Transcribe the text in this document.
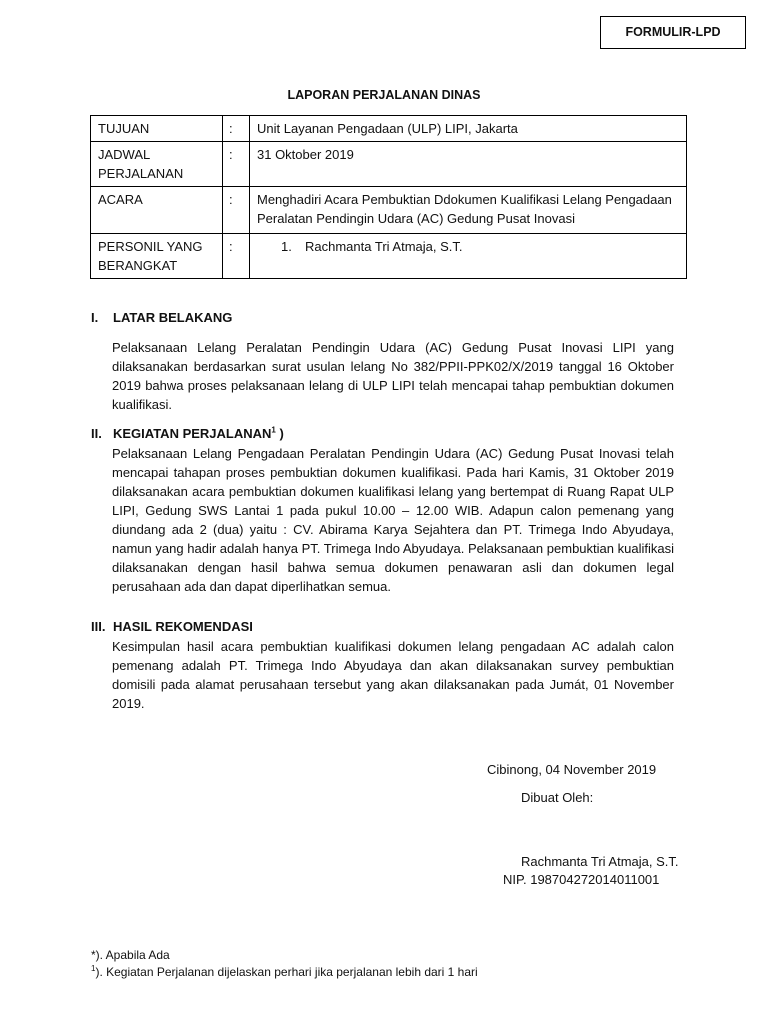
FORMULIR-LPD
LAPORAN PERJALANAN DINAS
TUJUAN	:	Unit Layanan Pengadaan (ULP) LIPI, Jakarta

JADWAL
PERJALANAN	:	31 Oktober 2019
ACARA	:	Menghadiri Acara Pembuktian Ddokumen Kualifikasi Lelang Pengadaan Peralatan Pendingin Udara (AC) Gedung Pusat Inovasi

PERSONIL YANG
BERANGKAT	:	1. Rachmanta Tri Atmaja, S.T.
I. LATAR BELAKANG
Pelaksanaan Lelang Peralatan Pendingin Udara (AC) Gedung Pusat Inovasi LIPI yang dilaksanakan berdasarkan surat usulan lelang No 382/PPII-PPK02/X/2019 tanggal 16 Oktober 2019 bahwa proses pelaksanaan lelang di ULP LIPI telah mencapai tahap pembuktian dokumen kualifikasi.
II. KEGIATAN PERJALANAN$^1$ )
Pelaksanaan Lelang Pengadaan Peralatan Pendingin Udara (AC) Gedung Pusat Inovasi telah mencapai tahapan proses pembuktian dokumen kualifikasi. Pada hari Kamis, 31 Oktober 2019 dilaksanakan acara pembuktian dokumen kualifikasi lelang yang bertempat di Ruang Rapat ULP LIPI, Gedung SWS Lantai 1 pada pukul 10.00 – 12.00 WIB. Adapun calon pemenang yang diundang ada 2 (dua) yaitu : CV. Abirama Karya Sejahtera dan PT. Trimega Indo Abyudaya, namun yang hadir adalah hanya PT. Trimega Indo Abyudaya. Pelaksanaan pembuktian kualifikasi dilaksanakan dengan hasil bahwa semua dokumen penawaran asli dan dokumen legal perusahaan ada dan dapat diperlihatkan semua.
III. HASIL REKOMENDASI
Kesimpulan hasil acara pembuktian kualifikasi dokumen lelang pengadaan AC adalah calon pemenang adalah PT. Trimega Indo Abyudaya dan akan dilaksanakan survey pembuktian domisili pada alamat perusahaan tersebut yang akan dilaksanakan pada Jumát, 01 November 2019.
Cibinong, 04 November 2019
Dibuat Oleh:
Rachmanta Tri Atmaja, S.T.
NIP. 198704272014011001
*). Apabila Ada
$^1$). Kegiatan Perjalanan dijelaskan perhari jika perjalanan lebih dari 1 hari
